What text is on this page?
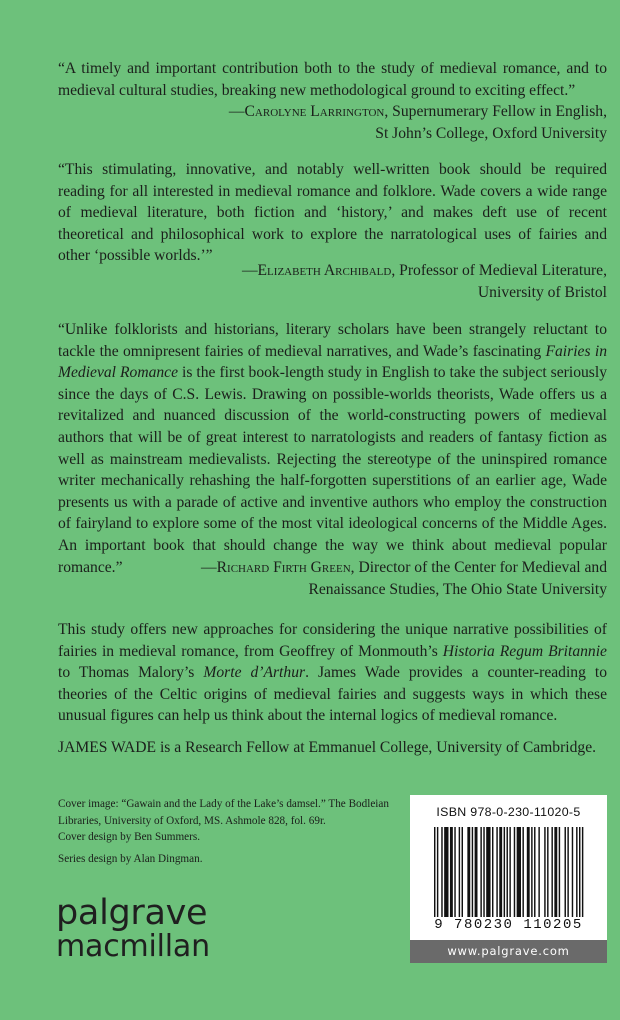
“A timely and important contribution both to the study of medieval romance, and to medieval cultural studies, breaking new methodological ground to exciting effect.”

—Carolyne Larrington, Supernumerary Fellow in English,
St John’s College, Oxford University

“This stimulating, innovative, and notably well-written book should be required reading for all interested in medieval romance and folklore. Wade covers a wide range of medieval literature, both fiction and ‘history,’ and makes deft use of recent theoretical and philosophical work to explore the narratological uses of fairies and other ‘possible worlds.’”

—Elizabeth Archibald, Professor of Medieval Literature,
University of Bristol

“Unlike folklorists and historians, literary scholars have been strangely reluctant to tackle the omnipresent fairies of medieval narratives, and Wade’s fascinating Fairies in Medieval Romance is the first book-length study in English to take the subject seriously since the days of C.S. Lewis. Drawing on possible-worlds theorists, Wade offers us a revitalized and nuanced discussion of the world-constructing powers of medieval authors that will be of great interest to narratologists and readers of fantasy fiction as well as mainstream medievalists. Rejecting the stereotype of the uninspired romance writer mechanically rehashing the half-forgotten superstitions of an earlier age, Wade presents us with a parade of active and inventive authors who employ the construction of fairyland to explore some of the most vital ideological concerns of the Middle Ages. An important book that should change the way we think about medieval popular romance.”	—Richard Firth Green, Director of the Center for Medieval and
Renaissance Studies, The Ohio State University

This study offers new approaches for considering the unique narrative possibilities of fairies in medieval romance, from Geoffrey of Monmouth’s Historia Regum Britannie to Thomas Malory’s Morte d’Arthur. James Wade provides a counter-reading to theories of the Celtic origins of medieval fairies and suggests ways in which these unusual figures can help us think about the internal logics of medieval romance.

JAMES WADE is a Research Fellow at Emmanuel College, University of Cambridge.

Cover image: “Gawain and the Lady of the Lake’s damsel.” The Bodleian Libraries, University of Oxford, MS. Ashmole 828, fol. 69r.

Cover design by Ben Summers.

Series design by Alan Dingman.

palgrave
macmillan
ISBN 978-0-230-11020-5
9 780230 110205
www.palgrave.com
